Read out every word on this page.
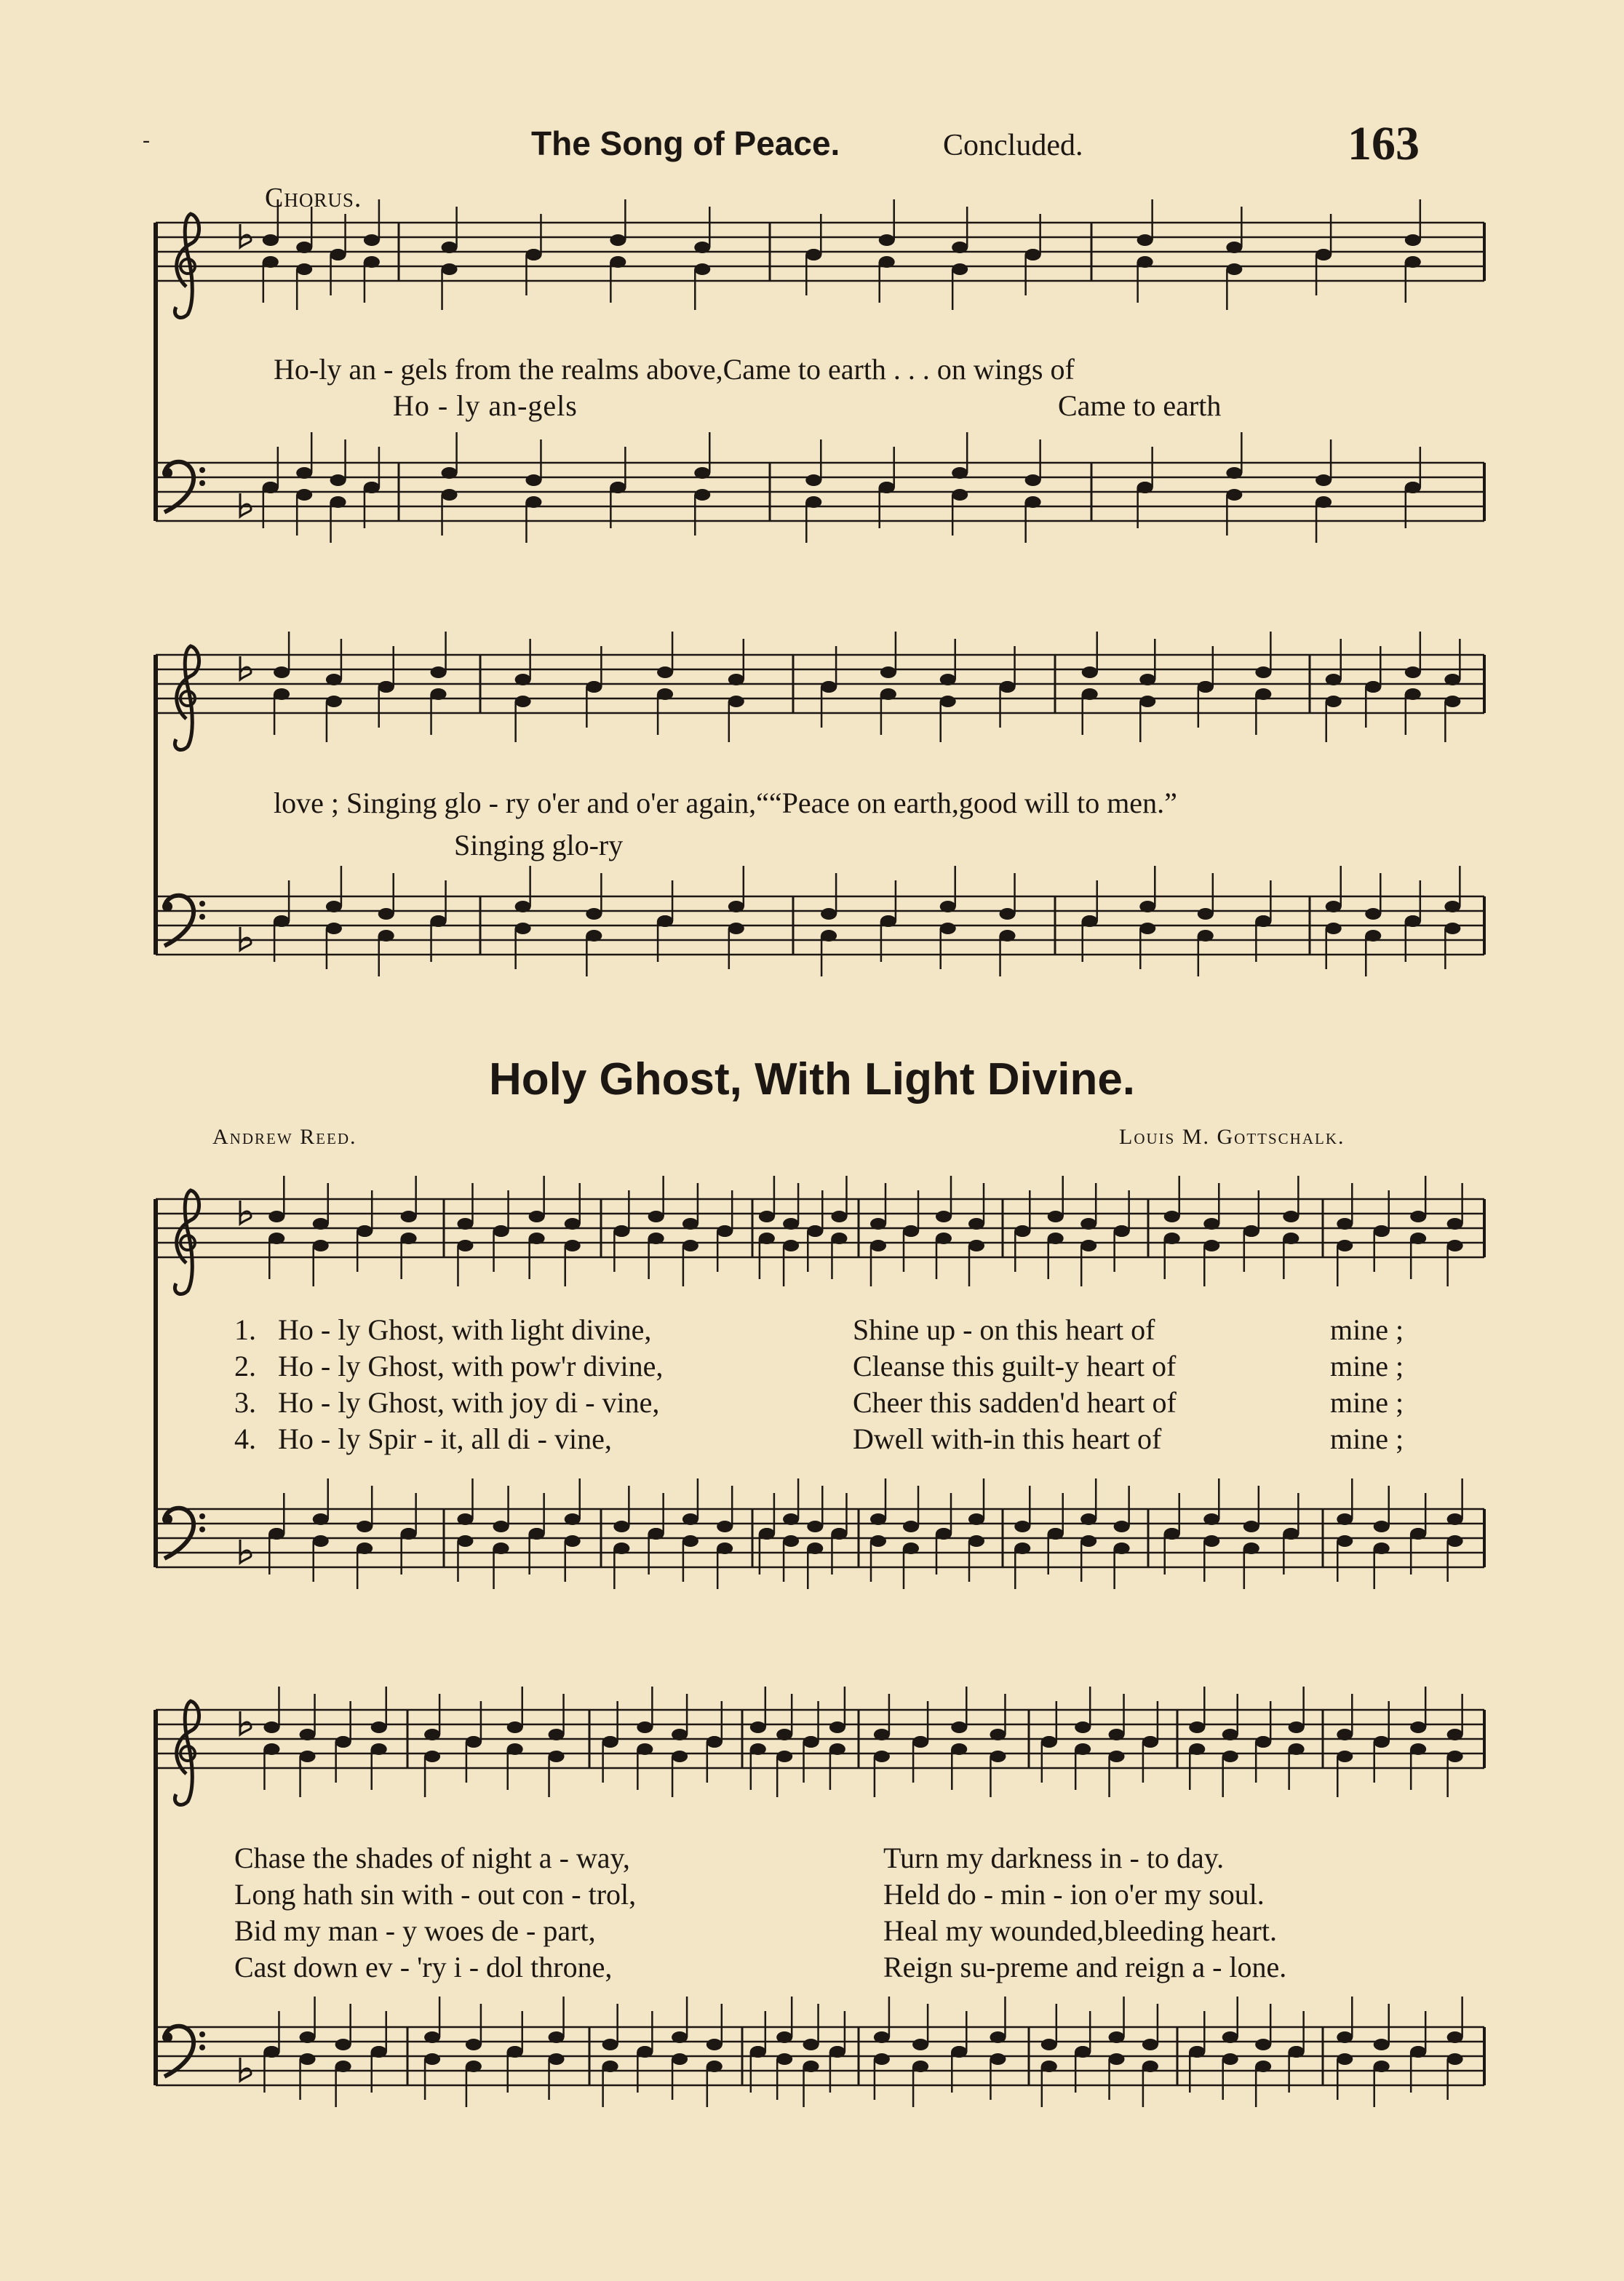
-	The Song of Peace.	Concluded.	163
Chorus.
Ho-ly an - gels from the realms above,Came to earth . . . on wings of
Ho - ly an-gels	Came to earth
love ; Singing glo - ry o'er and o'er again,““Peace on earth,good will to men.”
Singing glo-ry
Holy Ghost, With Light Divine.
Andrew Reed.	Louis M. Gottschalk.
1. Ho - ly Ghost, with light divine,	Shine up - on this heart of	mine ;
2. Ho - ly Ghost, with pow'r divine,	Cleanse this guilt-y heart of	mine ;
3. Ho - ly Ghost, with joy di - vine,	Cheer this sadden'd heart of	mine ;
4. Ho - ly Spir - it, all di - vine,	Dwell with-in this heart of	mine ;
Chase the shades of night a - way,	Turn my darkness in - to day.
Long hath sin with - out con - trol,	Held do - min - ion o'er my soul.
Bid my man - y woes de - part,	Heal my wounded,bleeding heart.
Cast down ev - 'ry i - dol throne,	Reign su-preme and reign a - lone.
